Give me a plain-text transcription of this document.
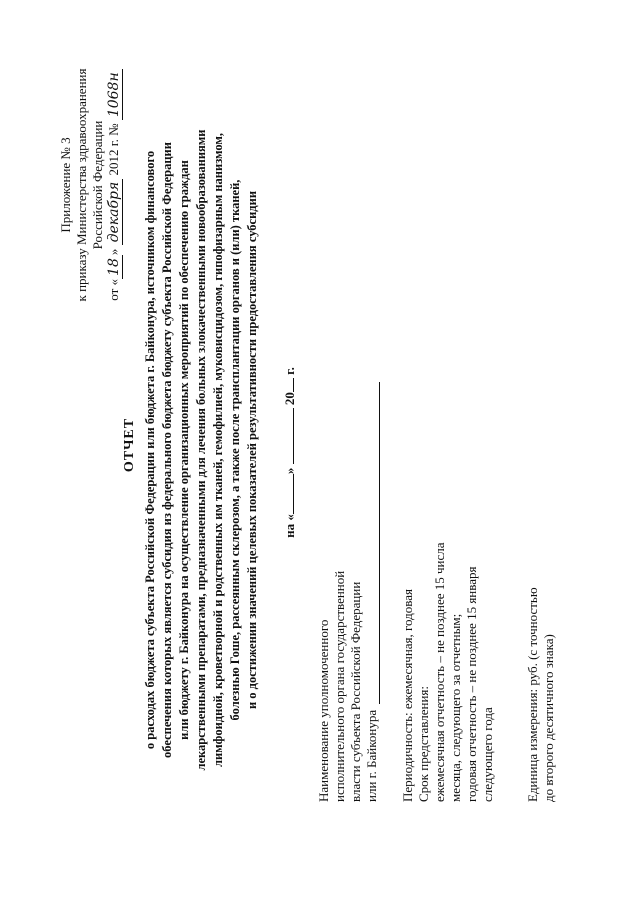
Приложение № 3 к приказу Министерства здравоохранения Российской Федерации
от «18» декабря 2012 г. № 1068н
ОТЧЕТ о расходах бюджета субъекта Российской Федерации или бюджета г. Байконура, источником финансового обеспечения которых является субсидия из федерального бюджета бюджету субъекта Российской Федерации или бюджету г. Байконура на осуществление организационных мероприятий по обеспечению граждан лекарственными препаратами, предназначенными для лечения больных злокачественными новообразованиями лимфоидной, кроветворной и родственных им тканей, гемофилией, муковисцидозом, гипофизарным нанизмом, болезнью Гоше, рассеянным склерозом, а также после трансплантации органов и (или) тканей, и о достижении значений целевых показателей результативности предоставления субсидии на «»  20 г.
Наименование уполномоченного исполнительного органа государственной власти субъекта Российской Федерации или г. Байконура Периодичность: ежемесячная, годовая Срок представления: ежемесячная отчетность – не позднее 15 числа месяца, следующего за отчетным; годовая отчетность – не позднее 15 января следующего года Единица измерения: руб. (с точностью до второго десятичного знака)
